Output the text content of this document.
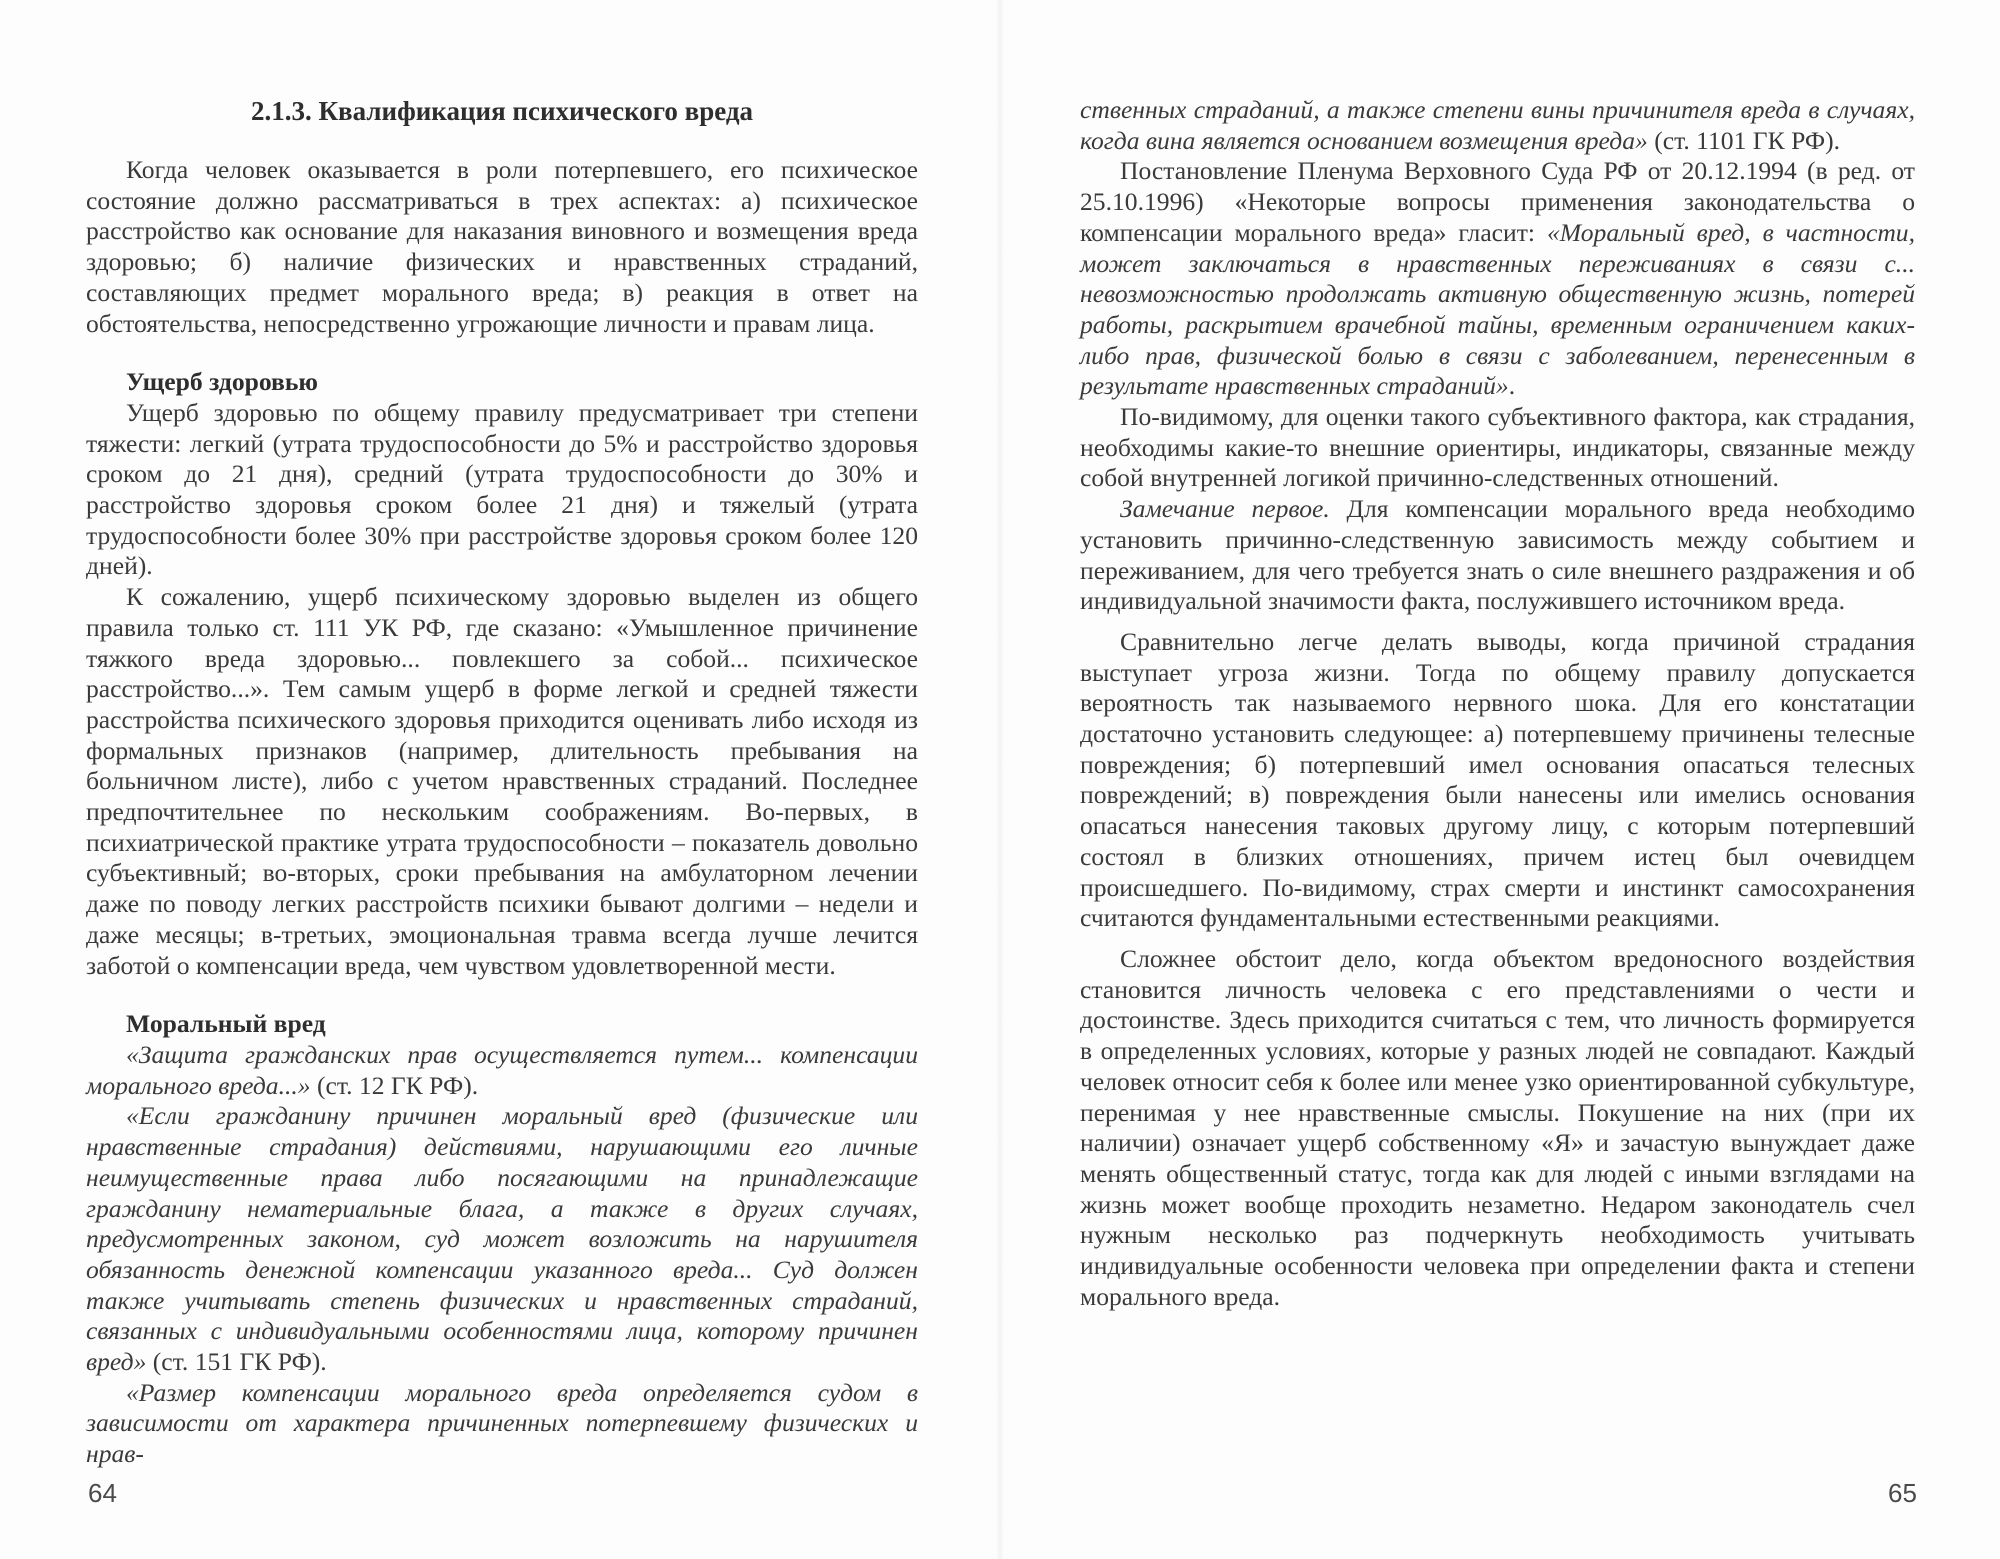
2.1.3. Квалификация психического вреда

Когда человек оказывается в роли потерпевшего, его психическое состояние должно рассматриваться в трех аспектах: а) психическое расстройство как основание для наказания виновного и возмещения вреда здоровью; б) наличие физических и нравственных страданий, составляющих предмет морального вреда; в) реакция в ответ на обстоятельства, непосредственно угрожающие личности и правам лица.

Ущерб здоровью

Ущерб здоровью по общему правилу предусматривает три степени тяжести: легкий (утрата трудоспособности до 5% и расстройство здоровья сроком до 21 дня), средний (утрата трудоспособности до 30% и расстройство здоровья сроком более 21 дня) и тяжелый (утрата трудоспособности более 30% при расстройстве здоровья сроком более 120 дней).

К сожалению, ущерб психическому здоровью выделен из общего правила только ст. 111 УК РФ, где сказано: «Умышленное причинение тяжкого вреда здоровью... повлекшего за собой... психическое расстройство...». Тем самым ущерб в форме легкой и средней тяжести расстройства психического здоровья приходится оценивать либо исходя из формальных признаков (например, длительность пребывания на больничном листе), либо с учетом нравственных страданий. Последнее предпочтительнее по нескольким соображениям. Во-первых, в психиатрической практике утрата трудоспособности – показатель довольно субъективный; во-вторых, сроки пребывания на амбулаторном лечении даже по поводу легких расстройств психики бывают долгими – недели и даже месяцы; в-третьих, эмоциональная травма всегда лучше лечится заботой о компенсации вреда, чем чувством удовлетворенной мести.

Моральный вред

«Защита гражданских прав осуществляется путем... компенсации морального вреда...» (ст. 12 ГК РФ).

«Если гражданину причинен моральный вред (физические или нравственные страдания) действиями, нарушающими его личные неимущественные права либо посягающими на принадлежащие гражданину нематериальные блага, а также в других случаях, предусмотренных законом, суд может возложить на нарушителя обязанность денежной компенсации указанного вреда... Суд должен также учитывать степень физических и нравственных страданий, связанных с индивидуальными особенностями лица, которому причинен вред» (ст. 151 ГК РФ).

«Размер компенсации морального вреда определяется судом в зависимости от характера причиненных потерпевшему физических и нрав-

64

ственных страданий, а также степени вины причинителя вреда в случаях, когда вина является основанием возмещения вреда» (ст. 1101 ГК РФ).

Постановление Пленума Верховного Суда РФ от 20.12.1994 (в ред. от 25.10.1996) «Некоторые вопросы применения законодательства о компенсации морального вреда» гласит: «Моральный вред, в частности, может заключаться в нравственных переживаниях в связи с... невозможностью продолжать активную общественную жизнь, потерей работы, раскрытием врачебной тайны, временным ограничением каких-либо прав, физической болью в связи с заболеванием, перенесенным в результате нравственных страданий».

По-видимому, для оценки такого субъективного фактора, как страдания, необходимы какие-то внешние ориентиры, индикаторы, связанные между собой внутренней логикой причинно-следственных отношений.

Замечание первое. Для компенсации морального вреда необходимо установить причинно-следственную зависимость между событием и переживанием, для чего требуется знать о силе внешнего раздражения и об индивидуальной значимости факта, послужившего источником вреда.

Сравнительно легче делать выводы, когда причиной страдания выступает угроза жизни. Тогда по общему правилу допускается вероятность так называемого нервного шока. Для его констатации достаточно установить следующее: а) потерпевшему причинены телесные повреждения; б) потерпевший имел основания опасаться телесных повреждений; в) повреждения были нанесены или имелись основания опасаться нанесения таковых другому лицу, с которым потерпевший состоял в близких отношениях, причем истец был очевидцем происшедшего. По-видимому, страх смерти и инстинкт самосохранения считаются фундаментальными естественными реакциями.

Сложнее обстоит дело, когда объектом вредоносного воздействия становится личность человека с его представлениями о чести и достоинстве. Здесь приходится считаться с тем, что личность формируется в определенных условиях, которые у разных людей не совпадают. Каждый человек относит себя к более или менее узко ориентированной субкультуре, перенимая у нее нравственные смыслы. Покушение на них (при их наличии) означает ущерб собственному «Я» и зачастую вынуждает даже менять общественный статус, тогда как для людей с иными взглядами на жизнь может вообще проходить незаметно. Недаром законодатель счел нужным несколько раз подчеркнуть необходимость учитывать индивидуальные особенности человека при определении факта и степени морального вреда.

65
